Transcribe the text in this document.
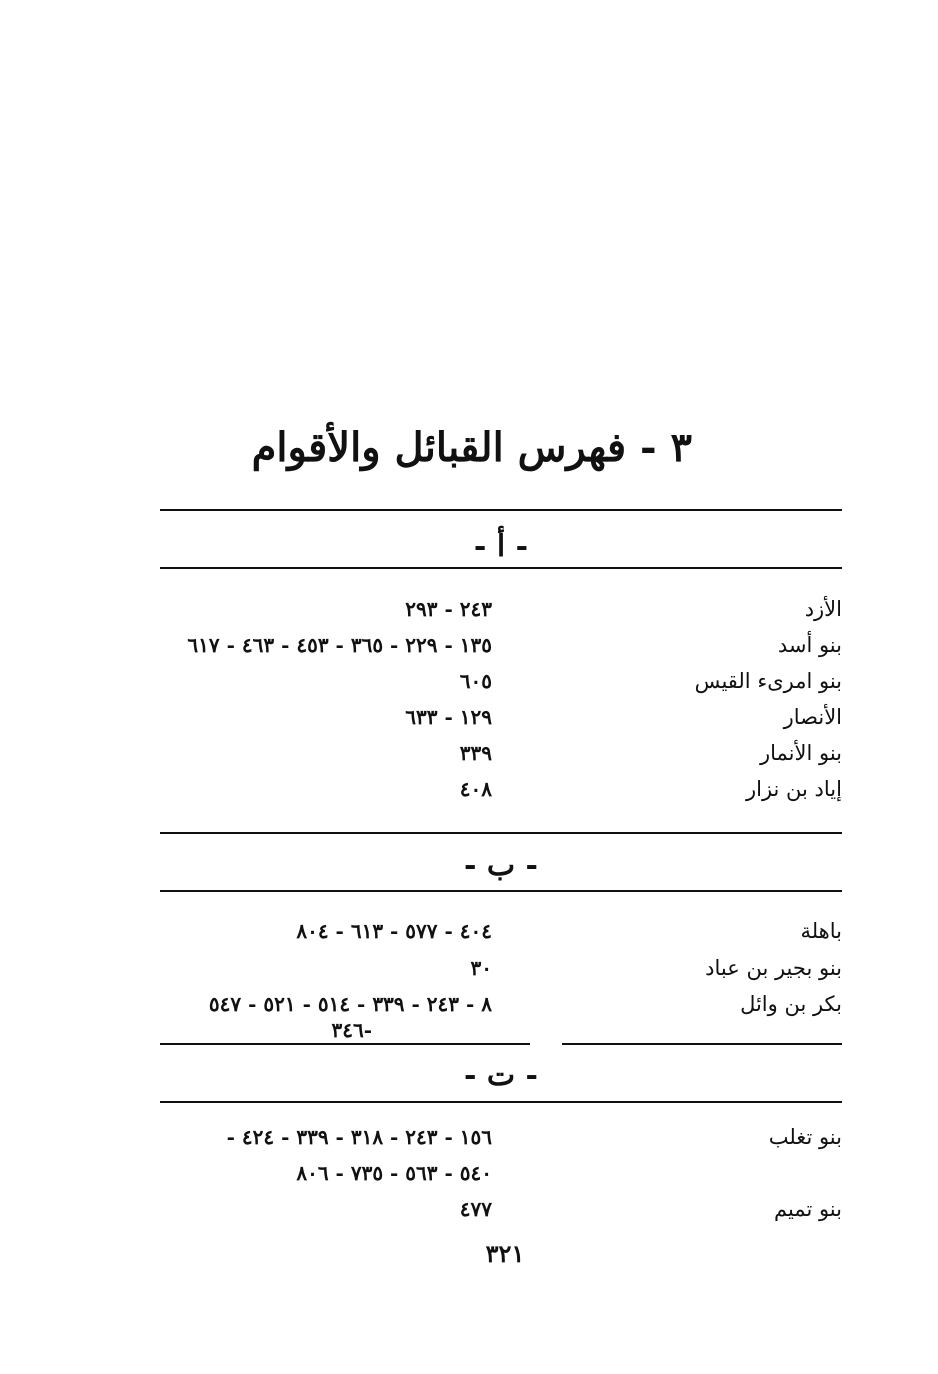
٣ - فهرس القبائل والأقوام
- أ -
الأزد
٢٤٣ - ٢٩٣
بنو أسد
١٣٥ - ٢٢٩ - ٣٦٥ - ٤٥٣ - ٤٦٣ - ٦١٧
بنو امرىء القيس
٦٠٥
الأنصار
١٢٩ - ٦٣٣
بنو الأنمار
٣٣٩
إياد بن نزار
٤٠٨
- ب -
باهلة
٤٠٤ - ٥٧٧ - ٦١٣ - ٨٠٤
بنو بجير بن عباد
٣٠
بكر بن وائل
٨ - ٢٤٣ - ٣٣٩ - ٥١٤ - ٥٢١ - ٥٤٧
-٣٤٦
- ت -
بنو تغلب
١٥٦ - ٢٤٣ - ٣١٨ - ٣٣٩ - ٤٢٤ -
٥٤٠ - ٥٦٣ - ٧٣٥ - ٨٠٦
بنو تميم
٤٧٧
٣٢١
